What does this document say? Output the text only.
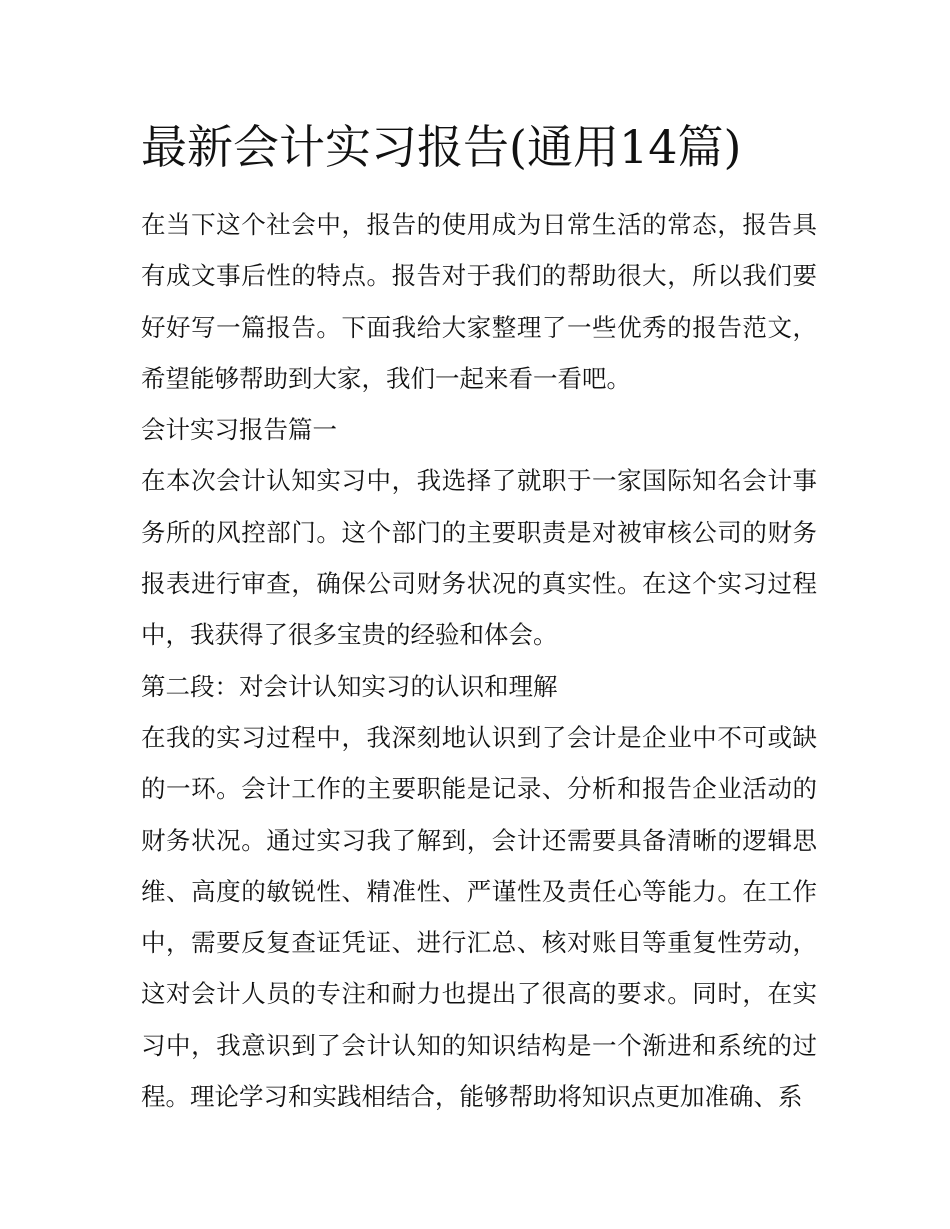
最新会计实习报告(通用14篇)

在当下这个社会中，报告的使用成为日常生活的常态，报告具有成文事后性的特点。报告对于我们的帮助很大，所以我们要好好写一篇报告。下面我给大家整理了一些优秀的报告范文，希望能够帮助到大家，我们一起来看一看吧。

会计实习报告篇一

在本次会计认知实习中，我选择了就职于一家国际知名会计事务所的风控部门。这个部门的主要职责是对被审核公司的财务报表进行审查，确保公司财务状况的真实性。在这个实习过程中，我获得了很多宝贵的经验和体会。

第二段：对会计认知实习的认识和理解

在我的实习过程中，我深刻地认识到了会计是企业中不可或缺的一环。会计工作的主要职能是记录、分析和报告企业活动的财务状况。通过实习我了解到，会计还需要具备清晰的逻辑思维、高度的敏锐性、精准性、严谨性及责任心等能力。在工作中，需要反复查证凭证、进行汇总、核对账目等重复性劳动，这对会计人员的专注和耐力也提出了很高的要求。同时，在实习中，我意识到了会计认知的知识结构是一个渐进和系统的过程。理论学习和实践相结合，能够帮助将知识点更加准确、系
